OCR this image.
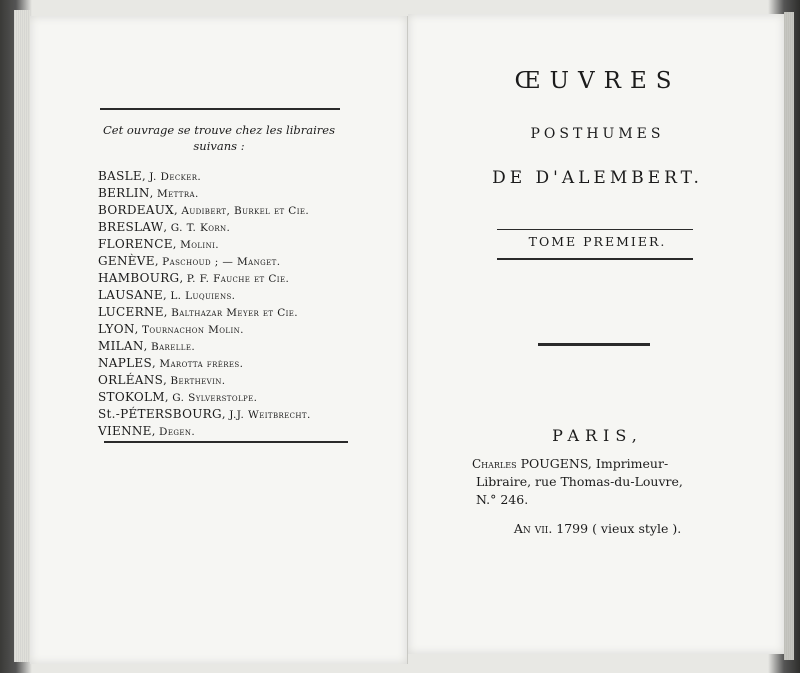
Cet ouvrage se trouve chez les libraires suivans :
BASLE, J. Decker.
BERLIN, Mettra.
BORDEAUX, Audibert, Burkel et Cie.
BRESLAW, G. T. Korn.
FLORENCE, Molini.
GENÈVE, Paschoud ; — Manget.
HAMBOURG, P. F. Fauche et Cie.
LAUSANE, L. Luquiens.
LUCERNE, Balthazar Meyer et Cie.
LYON, Tournachon Molin.
MILAN, Barelle.
NAPLES, Marotta frères.
ORLÉANS, Berthevin.
STOKOLM, G. Sylverstolpe.
St.-PÉTERSBOURG, J.J. Weitbrecht.
VIENNE, Degen.
ŒUVRES
POSTHUMES
DE D'ALEMBERT.
TOME PREMIER.
PARIS,
Charles POUGENS, Imprimeur-
Libraire, rue Thomas-du-Louvre,
N.° 246.
An vii. 1799 ( vieux style ).
